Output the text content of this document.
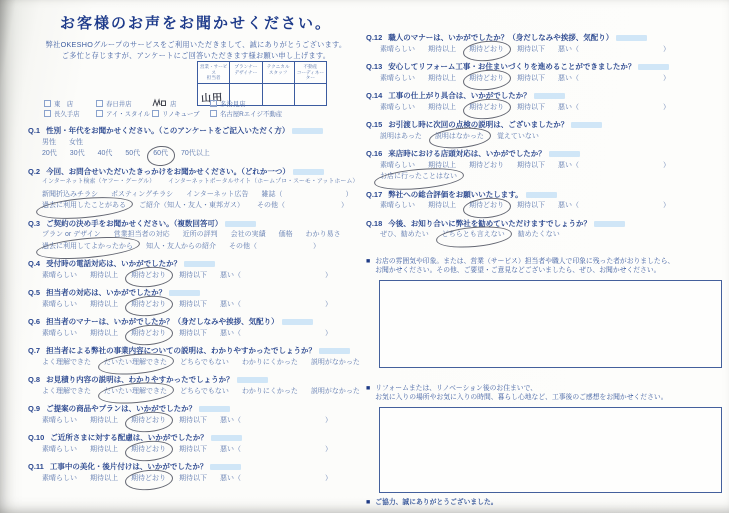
お客様のお声をお聞かせください。
弊社OKESHOグループのサービスをご利用いただきまして、誠にありがとうございます。
ご多忙と存じますが、アンケートにご回答いただきます様お願い申し上げます。
営業・サービス
担当者
プランナー
デザイナー
テクニカル
スタッフ
不動産
コーディネーター
山田
東　店	春日井店	店	多治見店
長久手店	アイ・スタイル リノキューブ	名古屋Rエイジ不動産
Q.1 性別・年代をお聞かせください。（このアンケートをご記入いただく方）
男性 女性
20代 30代 40代 50代 60代 70代以上
Q.2 今回、お問合せいただいたきっかけをお聞かせください。（どれか一つ）
インターネット検索（ヤフー・グーグル） インターネットポータルサイト（ホームプロ・スーモ・アットホーム）
新聞折込みチラシ ポスティングチラシ インターネット広告 雑誌（　　　　　　　　　）
過去に利用したことがある ご紹介（知人・友人・東邦ガス） その他（　　　　　　　　）
Q.3 ご契約の決め手をお聞かせください。（複数回答可）
プラン or デザイン 営業担当者の対応 近所の評判 会社の実績 価格 わかり易さ
過去に利用してよかったから 知人・友人からの紹介 その他（　　　　　　　　）
Q.4 受付時の電話対応は、いかがでしたか？
素晴らしい 期待以上 期待どおり 期待以下 悪い（　　　　　　　　　　　　）
Q.5 担当者の対応は、いかがでしたか？
素晴らしい 期待以上 期待どおり 期待以下 悪い（　　　　　　　　　　　　）
Q.6 担当者のマナーは、いかがでしたか？（身だしなみや挨拶、気配り）
素晴らしい 期待以上 期待どおり 期待以下 悪い（　　　　　　　　　　　　）
Q.7 担当者による弊社の事業内容についての説明は、わかりやすかったでしょうか？
よく理解できた だいたい理解できた どちらでもない わかりにくかった 説明がなかった
Q.8 お見積り内容の説明は、わかりやすかったでしょうか？
よく理解できた だいたい理解できた どちらでもない わかりにくかった 説明がなかった
Q.9 ご提案の商品やプランは、いかがでしたか？
素晴らしい 期待以上 期待どおり 期待以下 悪い（　　　　　　　　　　　　）
Q.10 ご近所さまに対する配慮は、いかがでしたか？
素晴らしい 期待以上 期待どおり 期待以下 悪い（　　　　　　　　　　　　）
Q.11 工事中の美化・後片付けは、いかがでしたか？
素晴らしい 期待以上 期待どおり 期待以下 悪い（　　　　　　　　　　　　）
Q.12 職人のマナーは、いかがでしたか？（身だしなみや挨拶、気配り）
素晴らしい 期待以上 期待どおり 期待以下 悪い（　　　　　　　　　　　　）
Q.13 安心してリフォーム工事・お住まいづくりを進めることができましたか？
素晴らしい 期待以上 期待どおり 期待以下 悪い（　　　　　　　　　　　　）
Q.14 工事の仕上がり具合は、いかがでしたか？
素晴らしい 期待以上 期待どおり 期待以下 悪い（　　　　　　　　　　　　）
Q.15 お引渡し時に次回の点検の説明は、ございましたか？
説明はあった 説明はなかった 覚えていない
Q.16 来店時における店頭対応は、いかがでしたか？
素晴らしい 期待以上 期待どおり 期待以下 悪い（　　　　　　　　　　　　）
お店に行ったことはない
Q.17 弊社への総合評価をお願いいたします。
素晴らしい 期待以上 期待どおり 期待以下 悪い（　　　　　　　　　　　　）
Q.18 今後、お知り合いに弊社を勧めていただけますでしょうか？
ぜひ、勧めたい どちらとも言えない 勧めたくない
■ お店の雰囲気や印象。または、営業（サービス）担当者や職人で印象に残った者がおりましたら、
お聞かせください。その他、ご要望・ご意見などございましたら、ぜひ、お聞かせください。
■ リフォームまたは、リノベーション後のお住まいで、
お気に入りの場所やお気に入りの時間、暮らし心地など、工事後のご感想をお聞かせください。
■ ご協力、誠にありがとうございました。
